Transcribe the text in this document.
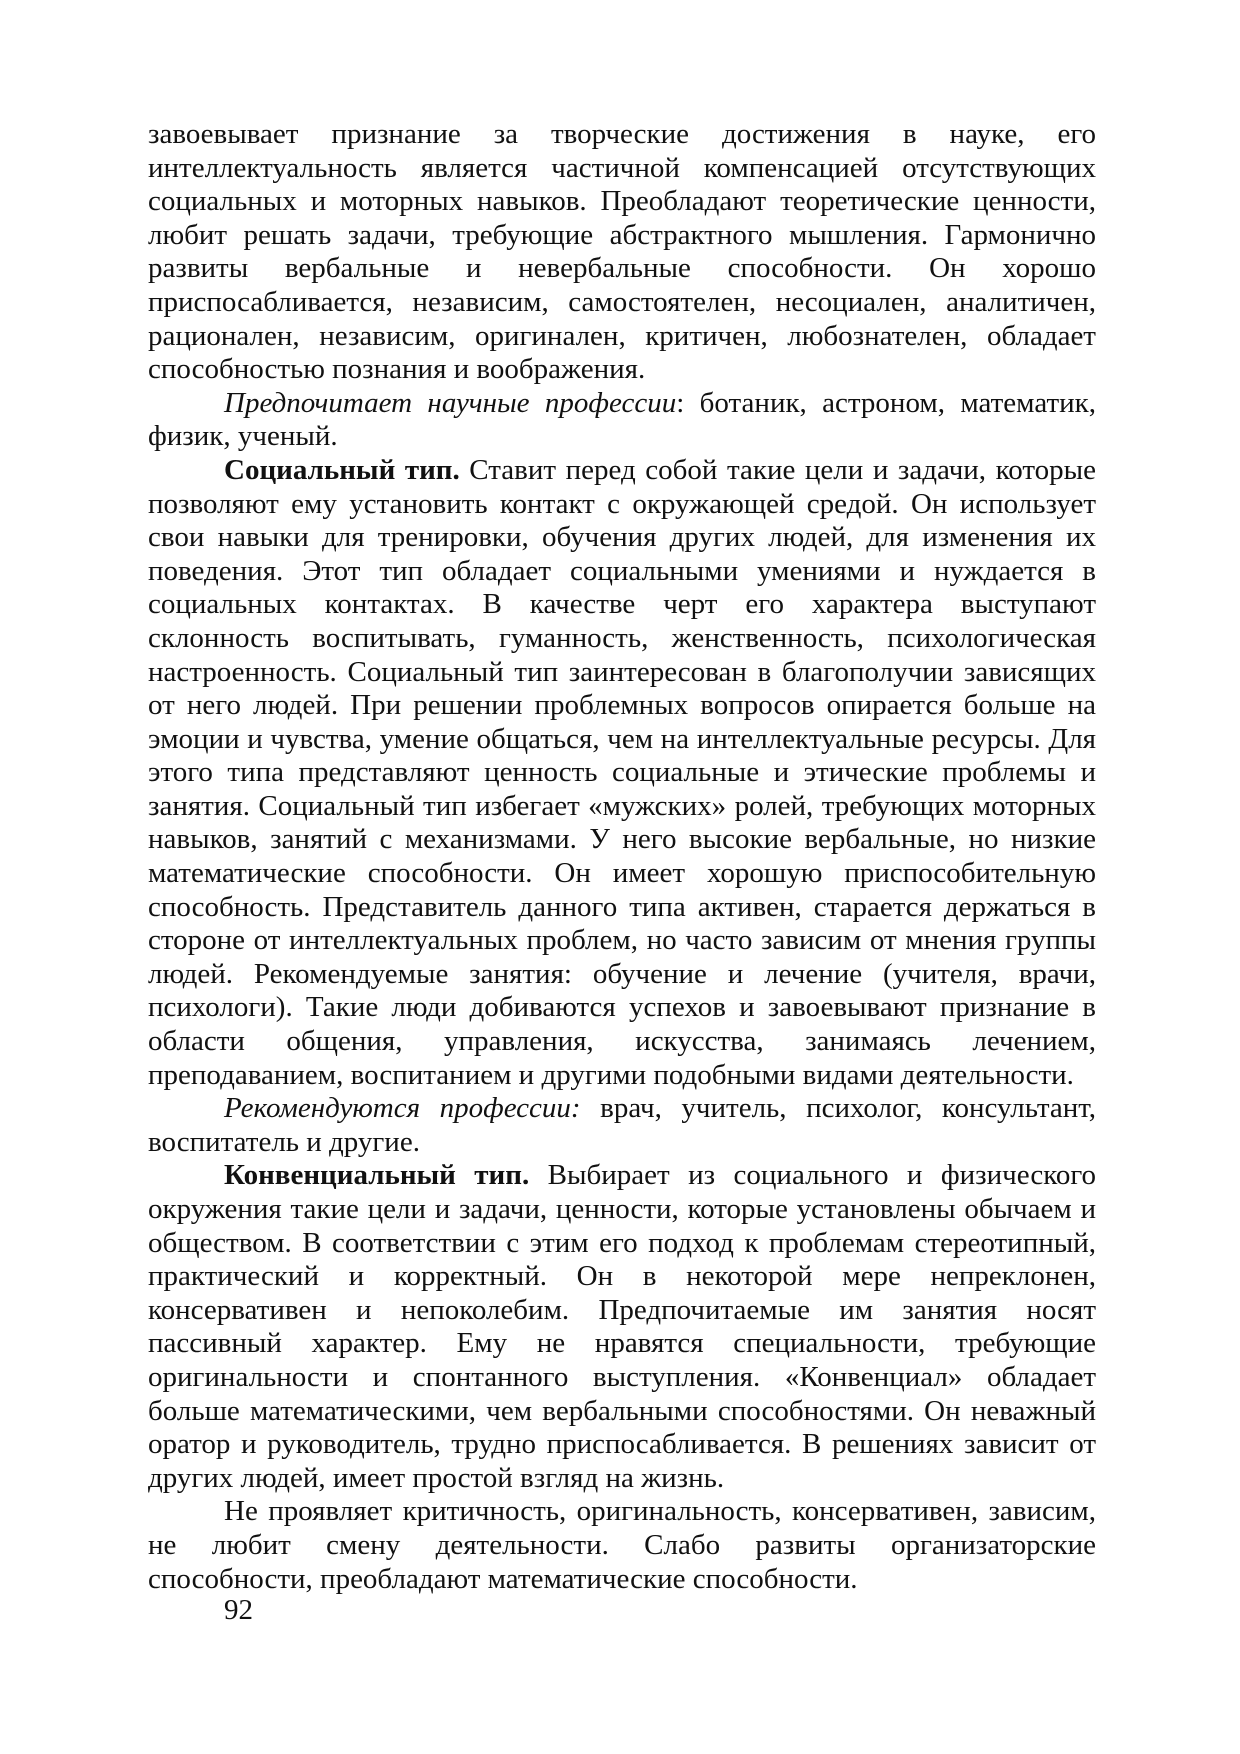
завоевывает признание за творческие достижения в науке, его интеллектуальность является частичной компенсацией отсутствующих социальных и моторных навыков. Преобладают теоретические ценности, любит решать задачи, требующие абстрактного мышления. Гармонично развиты вербальные и невербальные способности. Он хорошо приспосабливается, независим, самостоятелен, несоциален, аналитичен, рационален, независим, оригинален, критичен, любознателен, обладает способностью познания и воображения.

Предпочитает научные профессии: ботаник, астроном, математик, физик, ученый.

Социальный тип. Ставит перед собой такие цели и задачи, которые позволяют ему установить контакт с окружающей средой. Он использует свои навыки для тренировки, обучения других людей, для изменения их поведения. Этот тип обладает социальными умениями и нуждается в социальных контактах. В качестве черт его характера выступают склонность воспитывать, гуманность, женственность, психологическая настроенность. Социальный тип заинтересован в благополучии зависящих от него людей. При решении проблемных вопросов опирается больше на эмоции и чувства, умение общаться, чем на интеллектуальные ресурсы. Для этого типа представляют ценность социальные и этические проблемы и занятия. Социальный тип избегает «мужских» ролей, требующих моторных навыков, занятий с механизмами. У него высокие вербальные, но низкие математические способности. Он имеет хорошую приспособительную способность. Представитель данного типа активен, старается держаться в стороне от интеллектуальных проблем, но часто зависим от мнения группы людей. Рекомендуемые занятия: обучение и лечение (учителя, врачи, психологи). Такие люди добиваются успехов и завоевывают признание в области общения, управления, искусства, занимаясь лечением, преподаванием, воспитанием и другими подобными видами деятельности.

Рекомендуются профессии: врач, учитель, психолог, консультант, воспитатель и другие.

Конвенциальный тип. Выбирает из социального и физического окружения такие цели и задачи, ценности, которые установлены обычаем и обществом. В соответствии с этим его подход к проблемам стереотипный, практический и корректный. Он в некоторой мере непреклонен, консервативен и непоколебим. Предпочитаемые им занятия носят пассивный характер. Ему не нравятся специальности, требующие оригинальности и спонтанного выступления. «Конвенциал» обладает больше математическими, чем вербальными способностями. Он неважный оратор и руководитель, трудно приспосабливается. В решениях зависит от других людей, имеет простой взгляд на жизнь.

Не проявляет критичность, оригинальность, консервативен, зависим, не любит смену деятельности. Слабо развиты организаторские способности, преобладают математические способности.

92
